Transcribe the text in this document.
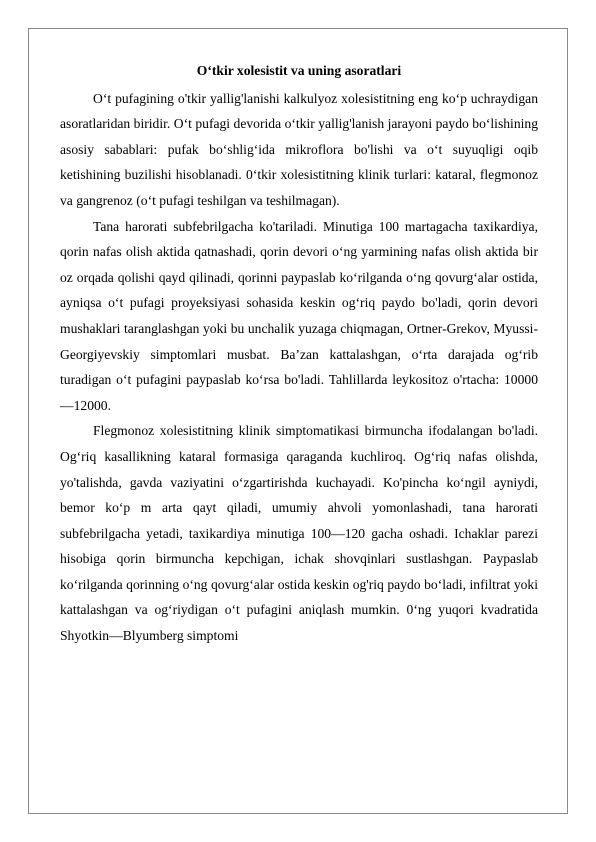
O‘tkir xolesistit va uning asoratlari

O‘t pufagining o'tkir yallig'lanishi kalkulyoz xolesistitning eng ko‘p uchraydigan asoratlaridan biridir. O‘t pufagi devorida o‘tkir yallig'lanish jarayoni paydo bo‘lishining asosiy sabablari: pufak bo‘shlig‘ida mikroflora bo'lishi va o‘t suyuqligi oqib ketishining buzilishi hisoblanadi. 0‘tkir xolesistitning klinik turlari: kataral, flegmonoz va gangrenoz (o‘t pufagi teshilgan va teshilmagan).

Tana harorati subfebrilgacha ko'tariladi. Minutiga 100 martagacha taxikardiya, qorin nafas olish aktida qatnashadi, qorin devori o‘ng yarmining nafas olish aktida bir oz orqada qolishi qayd qilinadi, qorinni paypaslab ko‘rilganda o‘ng qovurg‘alar ostida, ayniqsa o‘t pufagi proyeksiyasi sohasida keskin og‘riq paydo bo'ladi, qorin devori mushaklari taranglashgan yoki bu unchalik yuzaga chiqmagan, Ortner-Grekov, Myussi-Georgiyevskiy simptomlari musbat. Ba’zan kattalashgan, o‘rta darajada og‘rib turadigan o‘t pufagini paypaslab ko‘rsa bo'ladi. Tahlillarda leykositoz o'rtacha: 10000—12000.

Flegmonoz xolesistitning klinik simptomatikasi birmuncha ifodalangan bo'ladi. Og‘riq kasallikning kataral formasiga qaraganda kuchliroq. Og‘riq nafas olishda, yo'talishda, gavda vaziyatini o‘zgartirishda kuchayadi. Ko'pincha ko‘ngil ayniydi, bemor ko‘p m arta qayt qiladi, umumiy ahvoli yomonlashadi, tana harorati subfebrilgacha yetadi, taxikardiya minutiga 100—120 gacha oshadi. Ichaklar parezi hisobiga qorin birmuncha kepchigan, ichak shovqinlari sustlashgan. Paypaslab ko‘rilganda qorinning o‘ng qovurg‘alar ostida keskin og'riq paydo bo‘ladi, infiltrat yoki kattalashgan va og‘riydigan o‘t pufagini aniqlash mumkin. 0‘ng yuqori kvadratida Shyotkin—Blyumberg simptomi
